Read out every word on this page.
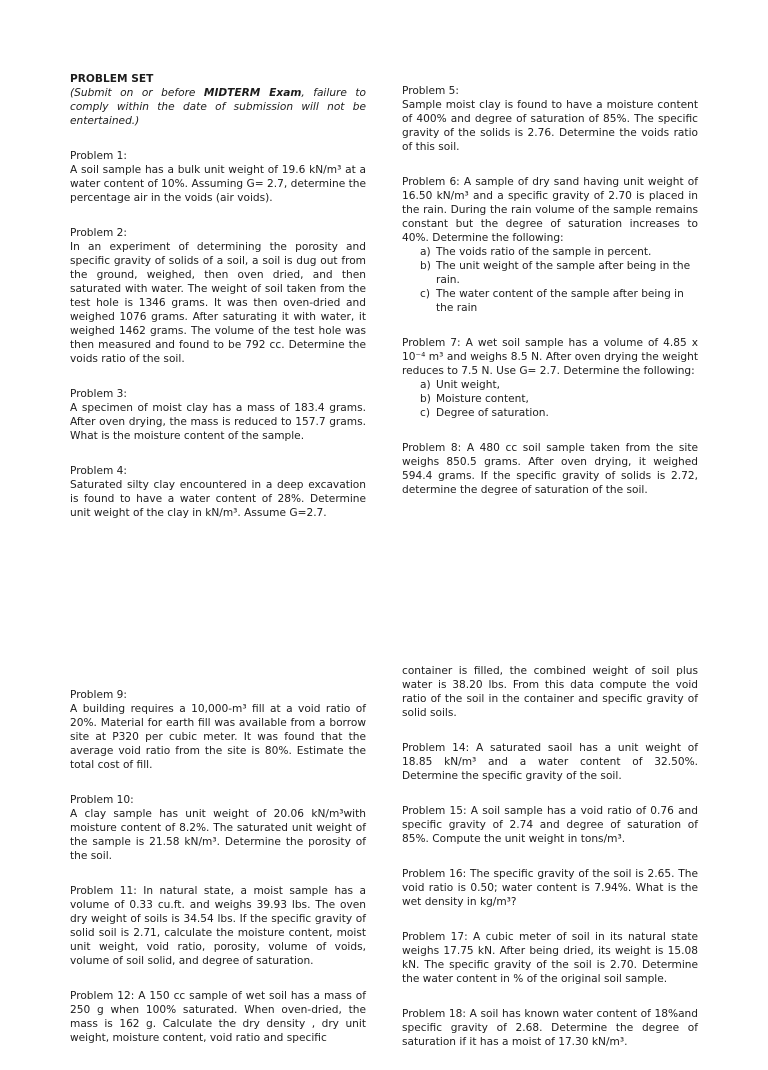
PROBLEM SET

(Submit on or before MIDTERM Exam, failure to comply within the date of submission will not be entertained.)

Problem 1:

A soil sample has a bulk unit weight of 19.6 kN/m³ at a water content of 10%. Assuming G= 2.7, determine the percentage air in the voids (air voids).

Problem 2:

In an experiment of determining the porosity and specific gravity of solids of a soil, a soil is dug out from the ground, weighed, then oven dried, and then saturated with water. The weight of soil taken from the test hole is 1346 grams. It was then oven-dried and weighed 1076 grams. After saturating it with water, it weighed 1462 grams. The volume of the test hole was then measured and found to be 792 cc. Determine the voids ratio of the soil.

Problem 3:

A specimen of moist clay has a mass of 183.4 grams. After oven drying, the mass is reduced to 157.7 grams. What is the moisture content of the sample.

Problem 4:

Saturated silty clay encountered in a deep excavation is found to have a water content of 28%. Determine unit weight of the clay in kN/m³. Assume G=2.7.

Problem 5:

Sample moist clay is found to have a moisture content of 400% and degree of saturation of 85%. The specific gravity of the solids is 2.76. Determine the voids ratio of this soil.

Problem 6: A sample of dry sand having unit weight of 16.50 kN/m³ and a specific gravity of 2.70 is placed in the rain. During the rain volume of the sample remains constant but the degree of saturation increases to 40%. Determine the following:

a) The voids ratio of the sample in percent.
b) The unit weight of the sample after being in the rain.
c) The water content of the sample after being in the rain

Problem 7: A wet soil sample has a volume of 4.85 x 10⁻⁴ m³ and weighs 8.5 N. After oven drying the weight reduces to 7.5 N. Use G= 2.7. Determine the following:

a) Unit weight,
b) Moisture content,
c) Degree of saturation.

Problem 8: A 480 cc soil sample taken from the site weighs 850.5 grams. After oven drying, it weighed 594.4 grams. If the specific gravity of solids is 2.72, determine the degree of saturation of the soil.

Problem 9:

A building requires a 10,000-m³ fill at a void ratio of 20%. Material for earth fill was available from a borrow site at P320 per cubic meter. It was found that the average void ratio from the site is 80%. Estimate the total cost of fill.

Problem 10:

A clay sample has unit weight of 20.06 kN/m³with moisture content of 8.2%. The saturated unit weight of the sample is 21.58 kN/m³. Determine the porosity of the soil.

Problem 11: In natural state, a moist sample has a volume of 0.33 cu.ft. and weighs 39.93 lbs. The oven dry weight of soils is 34.54 lbs. If the specific gravity of solid soil is 2.71, calculate the moisture content, moist unit weight, void ratio, porosity, volume of voids, volume of soil solid, and degree of saturation.

Problem 12: A 150 cc sample of wet soil has a mass of 250 g when 100% saturated. When oven-dried, the mass is 162 g. Calculate the dry density , dry unit weight, moisture content, void ratio and specific

container is filled, the combined weight of soil plus water is 38.20 lbs. From this data compute the void ratio of the soil in the container and specific gravity of solid soils.

Problem 14: A saturated saoil has a unit weight of 18.85 kN/m³ and a water content of 32.50%. Determine the specific gravity of the soil.

Problem 15: A soil sample has a void ratio of 0.76 and specific gravity of 2.74 and degree of saturation of 85%. Compute the unit weight in tons/m³.

Problem 16: The specific gravity of the soil is 2.65. The void ratio is 0.50; water content is 7.94%. What is the wet density in kg/m³?

Problem 17: A cubic meter of soil in its natural state weighs 17.75 kN. After being dried, its weight is 15.08 kN. The specific gravity of the soil is 2.70. Determine the water content in % of the original soil sample.

Problem 18: A soil has known water content of 18%and specific gravity of 2.68. Determine the degree of saturation if it has a moist of 17.30 kN/m³.
